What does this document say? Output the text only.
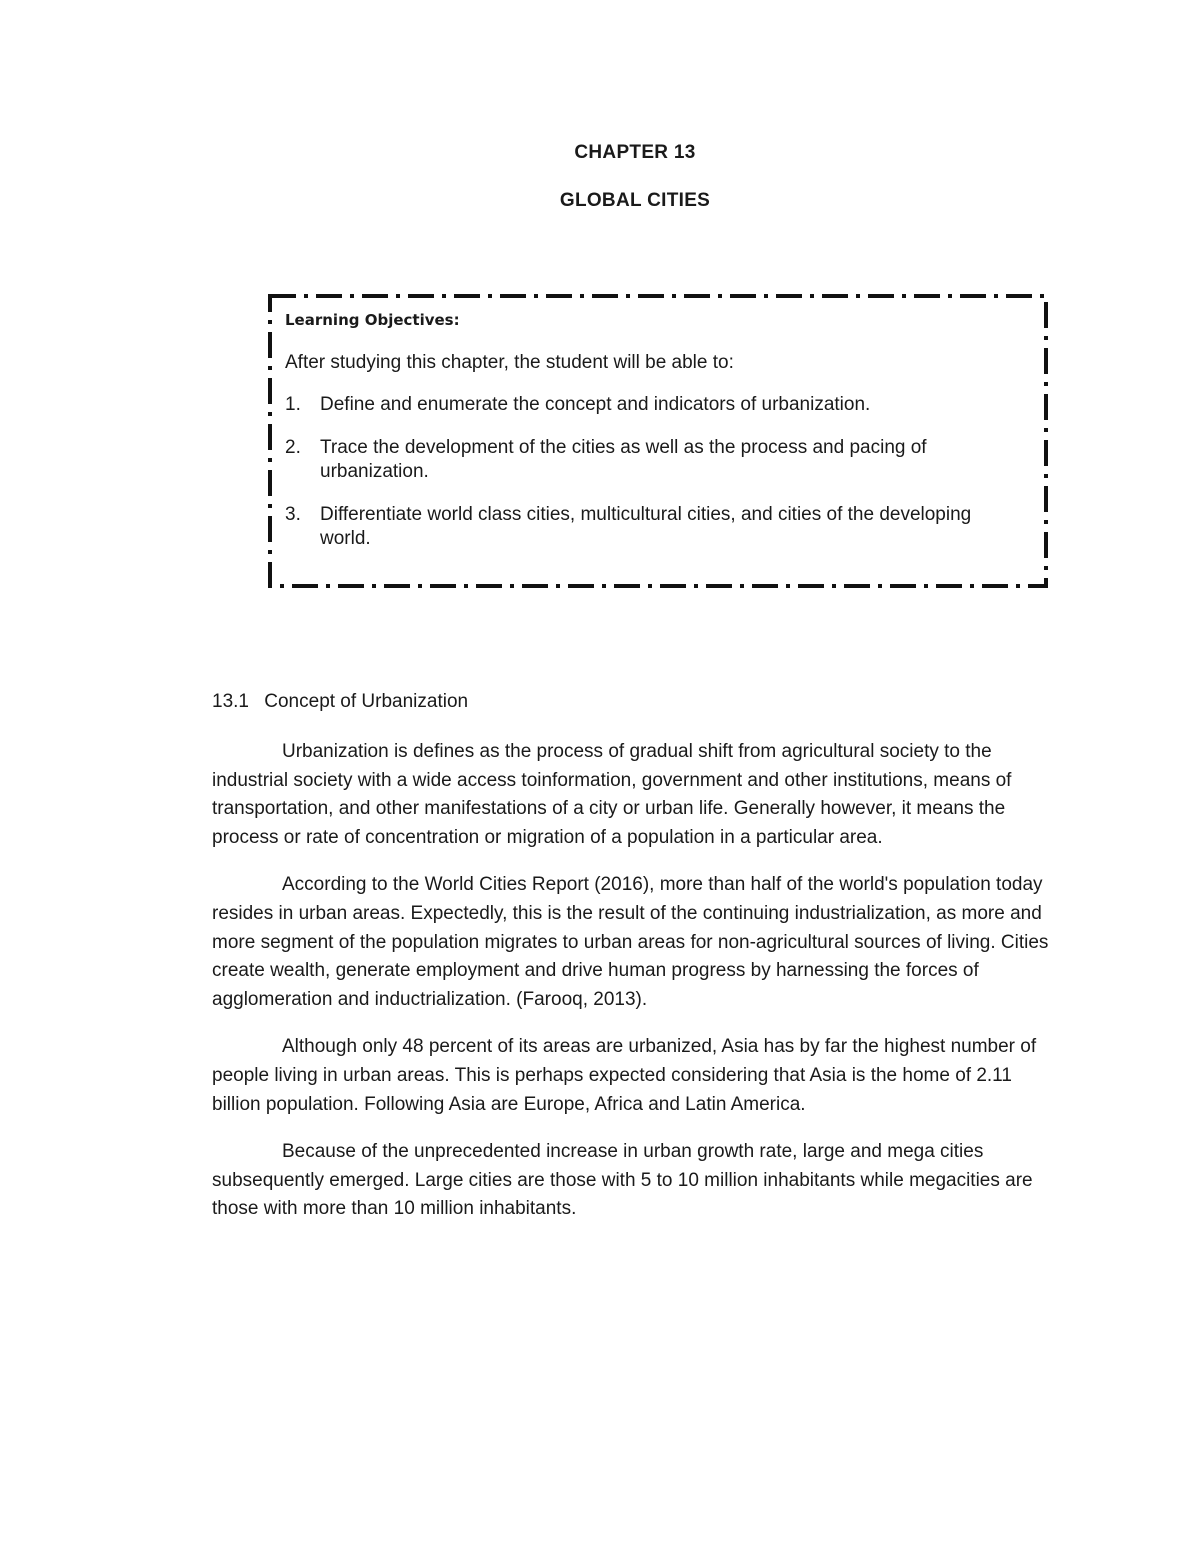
CHAPTER 13
GLOBAL CITIES
Learning Objectives:
After studying this chapter, the student will be able to:
1.	Define and enumerate the concept and indicators of urbanization.
2.	Trace the development of the cities as well as the process and pacing of urbanization.
3.	Differentiate world class cities, multicultural cities, and cities of the developing world.
13.1 Concept of Urbanization

Urbanization is defines as the process of gradual shift from agricultural society to the industrial society with a wide access toinformation, government and other institutions, means of transportation, and other manifestations of a city or urban life. Generally however, it means the process or rate of concentration or migration of a population in a particular area.

According to the World Cities Report (2016), more than half of the world's population today resides in urban areas. Expectedly, this is the result of the continuing industrialization, as more and more segment of the population migrates to urban areas for non-agricultural sources of living. Cities create wealth, generate employment and drive human progress by harnessing the forces of agglomeration and inductrialization. (Farooq, 2013).

Although only 48 percent of its areas are urbanized, Asia has by far the highest number of people living in urban areas. This is perhaps expected considering that Asia is the home of 2.11 billion population. Following Asia are Europe, Africa and Latin America.

Because of the unprecedented increase in urban growth rate, large and mega cities subsequently emerged. Large cities are those with 5 to 10 million inhabitants while megacities are those with more than 10 million inhabitants.
